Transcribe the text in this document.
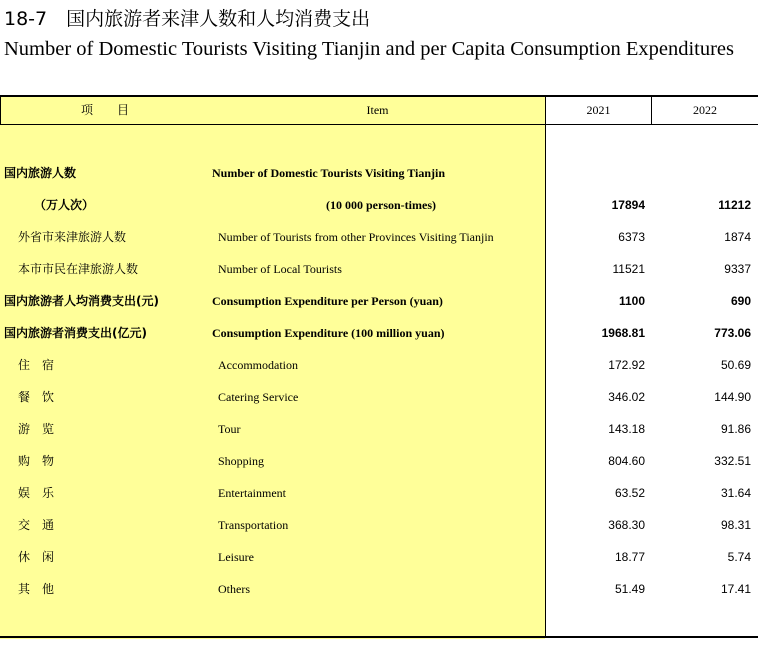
18-7　国内旅游者来津人数和人均消费支出
Number of Domestic Tourists Visiting Tianjin and per Capita Consumption Expenditures
项　　目	Item	2021	2022
国内旅游人数	Number of Domestic Tourists Visiting Tianjin
（万人次）	(10 000 person-times)	17894	11212
外省市来津旅游人数	Number of Tourists from other Provinces Visiting Tianjin	6373	1874
本市市民在津旅游人数	Number of Local Tourists	11521	9337
国内旅游者人均消费支出(元)	Consumption Expenditure per Person (yuan)	1100	690
国内旅游者消费支出(亿元)	Consumption Expenditure (100 million yuan)	1968.81	773.06
住　宿	Accommodation	172.92	50.69
餐　饮	Catering Service	346.02	144.90
游　览	Tour	143.18	91.86
购　物	Shopping	804.60	332.51
娱　乐	Entertainment	63.52	31.64
交　通	Transportation	368.30	98.31
休　闲	Leisure	18.77	5.74
其　他	Others	51.49	17.41
